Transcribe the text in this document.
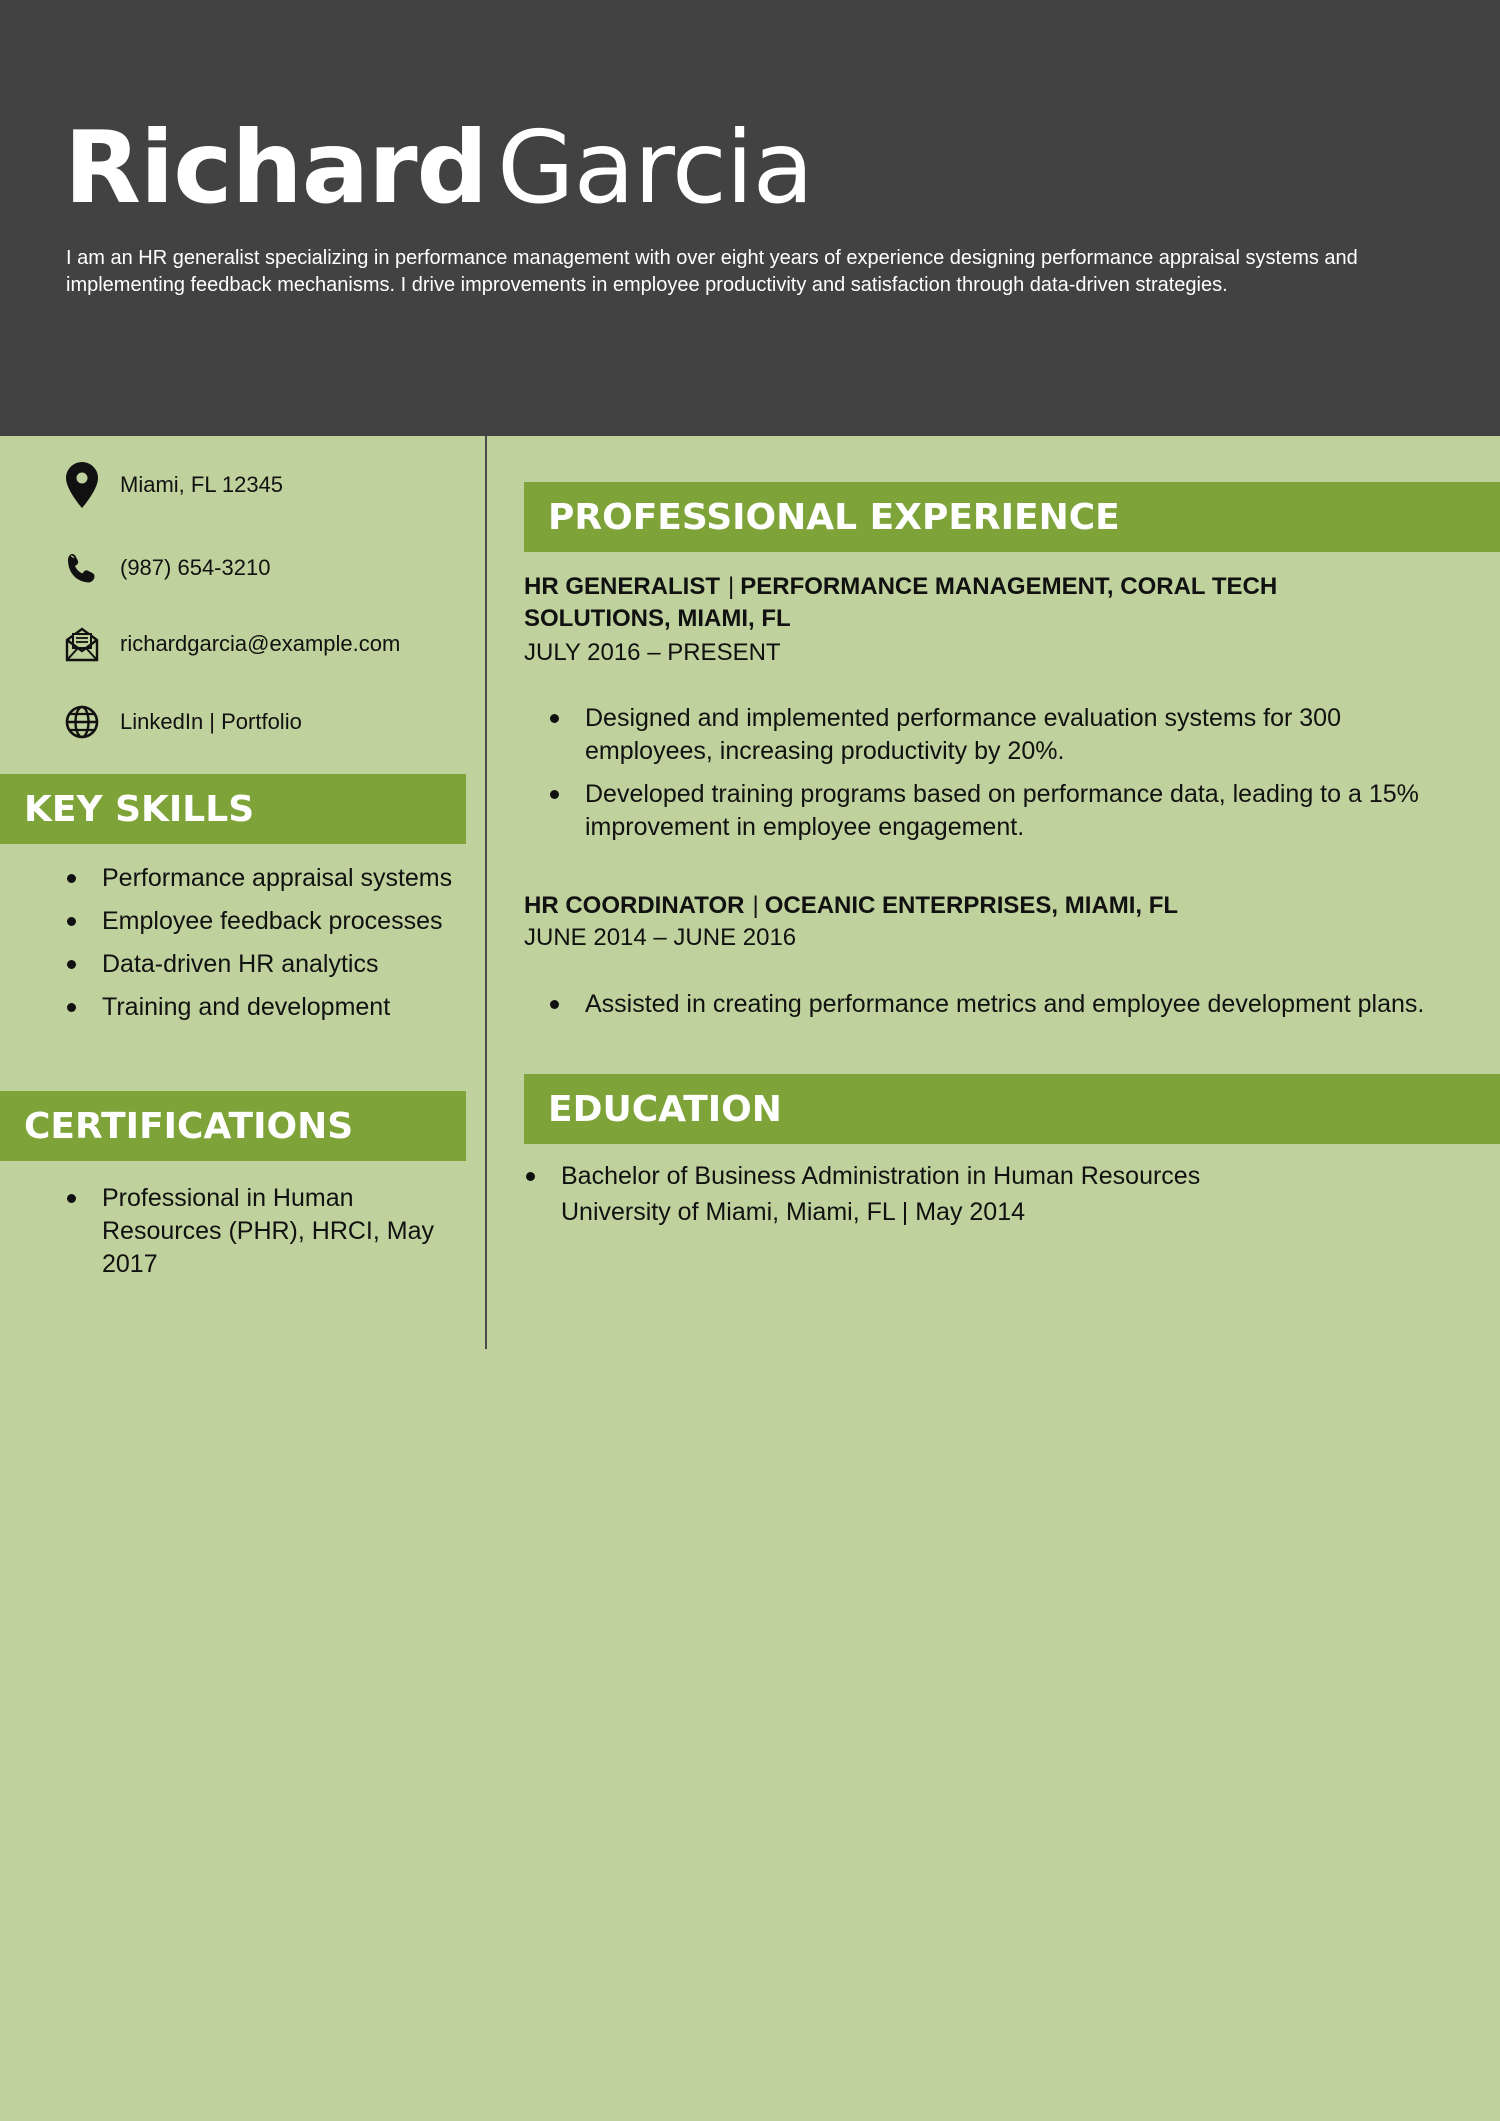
Richard Garcia
I am an HR generalist specializing in performance management with over eight years of experience designing performance appraisal systems and implementing feedback mechanisms. I drive improvements in employee productivity and satisfaction through data-driven strategies.
Miami, FL 12345
(987) 654-3210
richardgarcia@example.com
LinkedIn | Portfolio
KEY SKILLS
Performance appraisal systems
Employee feedback processes
Data-driven HR analytics
Training and development
CERTIFICATIONS
Professional in Human Resources (PHR), HRCI, May 2017
PROFESSIONAL EXPERIENCE
HR GENERALIST | PERFORMANCE MANAGEMENT, CORAL TECH SOLUTIONS, MIAMI, FL
JULY 2016 – PRESENT
Designed and implemented performance evaluation systems for 300 employees, increasing productivity by 20%.
Developed training programs based on performance data, leading to a 15% improvement in employee engagement.
HR COORDINATOR | OCEANIC ENTERPRISES, MIAMI, FL
JUNE 2014 – JUNE 2016
Assisted in creating performance metrics and employee development plans.
EDUCATION
Bachelor of Business Administration in Human Resources
University of Miami, Miami, FL | May 2014
